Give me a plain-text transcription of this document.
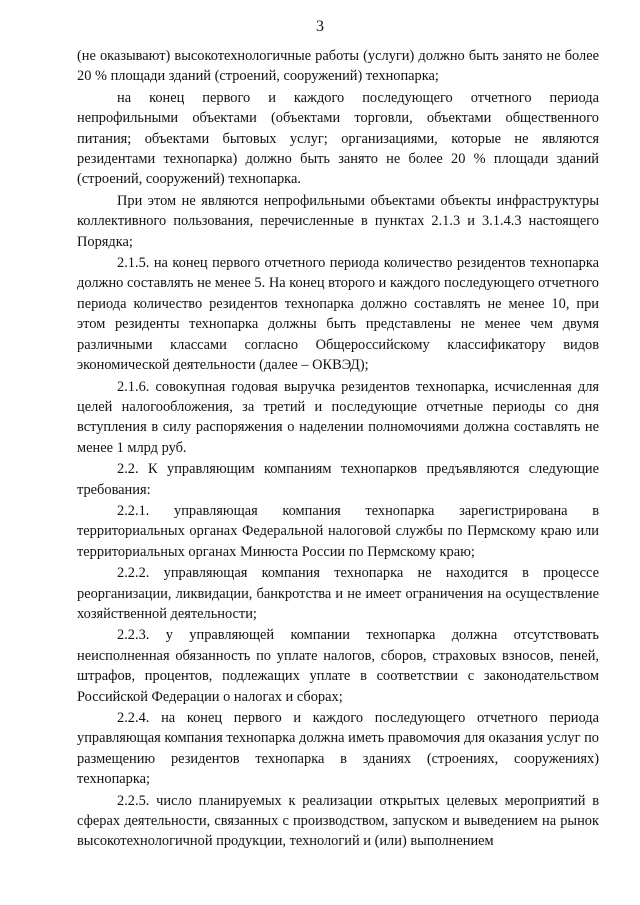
3

(не оказывают) высокотехнологичные работы (услуги) должно быть занято не более 20 % площади зданий (строений, сооружений) технопарка;

на конец первого и каждого последующего отчетного периода непрофильными объектами (объектами торговли, объектами общественного питания; объектами бытовых услуг; организациями, которые не являются резидентами технопарка) должно быть занято не более 20 % площади зданий (строений, сооружений) технопарка.

При этом не являются непрофильными объектами объекты инфраструктуры коллективного пользования, перечисленные в пунктах 2.1.3 и 3.1.4.3 настоящего Порядка;

2.1.5. на конец первого отчетного периода количество резидентов технопарка должно составлять не менее 5. На конец второго и каждого последующего отчетного периода количество резидентов технопарка должно составлять не менее 10, при этом резиденты технопарка должны быть представлены не менее чем двумя различными классами согласно Общероссийскому классификатору видов экономической деятельности (далее – ОКВЭД);

2.1.6. совокупная годовая выручка резидентов технопарка, исчисленная для целей налогообложения, за третий и последующие отчетные периоды со дня вступления в силу распоряжения о наделении полномочиями должна составлять не менее 1 млрд руб.

2.2. К управляющим компаниям технопарков предъявляются следующие требования:

2.2.1. управляющая компания технопарка зарегистрирована в территориальных органах Федеральной налоговой службы по Пермскому краю или территориальных органах Минюста России по Пермскому краю;

2.2.2. управляющая компания технопарка не находится в процессе реорганизации, ликвидации, банкротства и не имеет ограничения на осуществление хозяйственной деятельности;

2.2.3. у управляющей компании технопарка должна отсутствовать неисполненная обязанность по уплате налогов, сборов, страховых взносов, пеней, штрафов, процентов, подлежащих уплате в соответствии с законодательством Российской Федерации о налогах и сборах;

2.2.4. на конец первого и каждого последующего отчетного периода управляющая компания технопарка должна иметь правомочия для оказания услуг по размещению резидентов технопарка в зданиях (строениях, сооружениях) технопарка;

2.2.5. число планируемых к реализации открытых целевых мероприятий в сферах деятельности, связанных с производством, запуском и выведением на рынок высокотехнологичной продукции, технологий и (или) выполнением
